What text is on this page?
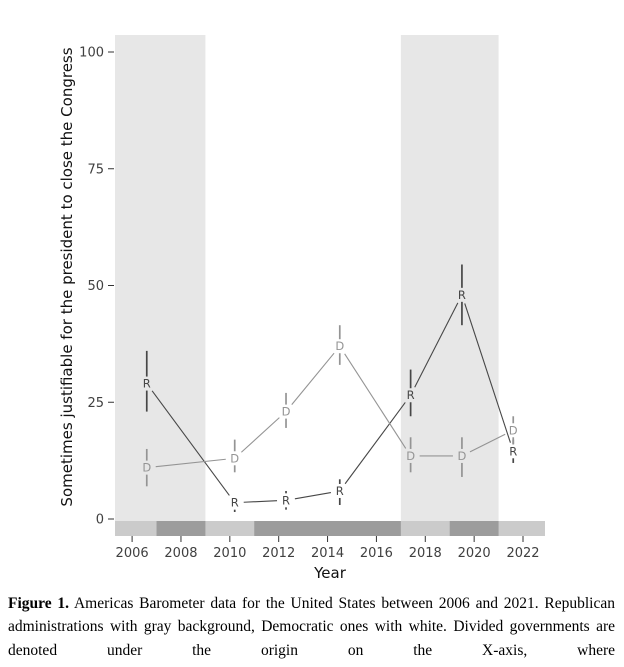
0
25
50
75
100
2006 2008 2010 2012 2014 2016 2018 2020 2022
Sometimes justifiable for the president to close the Congress
Year
R
R	R
R
R
R
R
D
D
D
D
D	D
D
Figure 1. Americas Barometer data for the United States between 2006 and 2021. Republican administrations with gray background, Democratic ones with white. Divided governments are denoted under the origin on the X-axis, where
